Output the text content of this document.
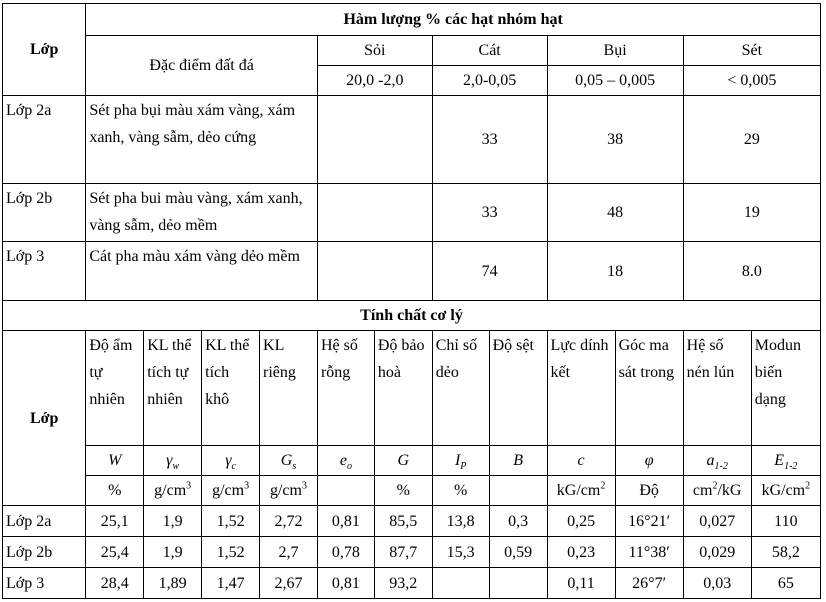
Lớp	Hàm lượng % các hạt nhóm hạt											
	Đặc điểm đất đá				Sỏi		Cát		Bụi		Sét	
					20,0 -2,0		2,0-0,05		0,05 – 0,005		< 0,005	
Lớp 2a	Sét pha bụi màu xám vàng, xám xanh, vàng sẫm, dẻo cứng						33		38		29	
Lớp 2b	Sét pha bui màu vàng, xám xanh, vàng sẫm, dẻo mềm						33		48		19	
Lớp 3	Cát pha màu xám vàng dẻo mềm						74		18		8.0	
Tính chất cơ lý												
Lớp	Độ ẩm tự nhiên	KL thể tích tự nhiên	KL thể tích khô	KL riêng	Hệ số rỗng	Độ bảo hoà	Chỉ số dẻo	Độ sệt	Lực dính kết	Góc ma sát trong	Hệ số nén lún	Modun biến dạng
	W	$\gamma_w$	$\gamma_c$	$G_s$	$e_o$	G	$I_P$	B	c	φ	$a_{1-2}$	$E_{1-2}$
	%	$g/cm^3$	$g/cm^3$	$g/cm^3$		%	%		$kG/cm^2$	Độ	$cm^2/kG$	$kG/cm^2$
Lớp 2a	25,1	1,9	1,52	2,72	0,81	85,5	13,8	0,3	0,25	16°21′	0,027	110
Lớp 2b	25,4	1,9	1,52	2,7	0,78	87,7	15,3	0,59	0,23	11°38′	0,029	58,2
Lớp 3	28,4	1,89	1,47	2,67	0,81	93,2			0,11	26°7′	0,03	65
